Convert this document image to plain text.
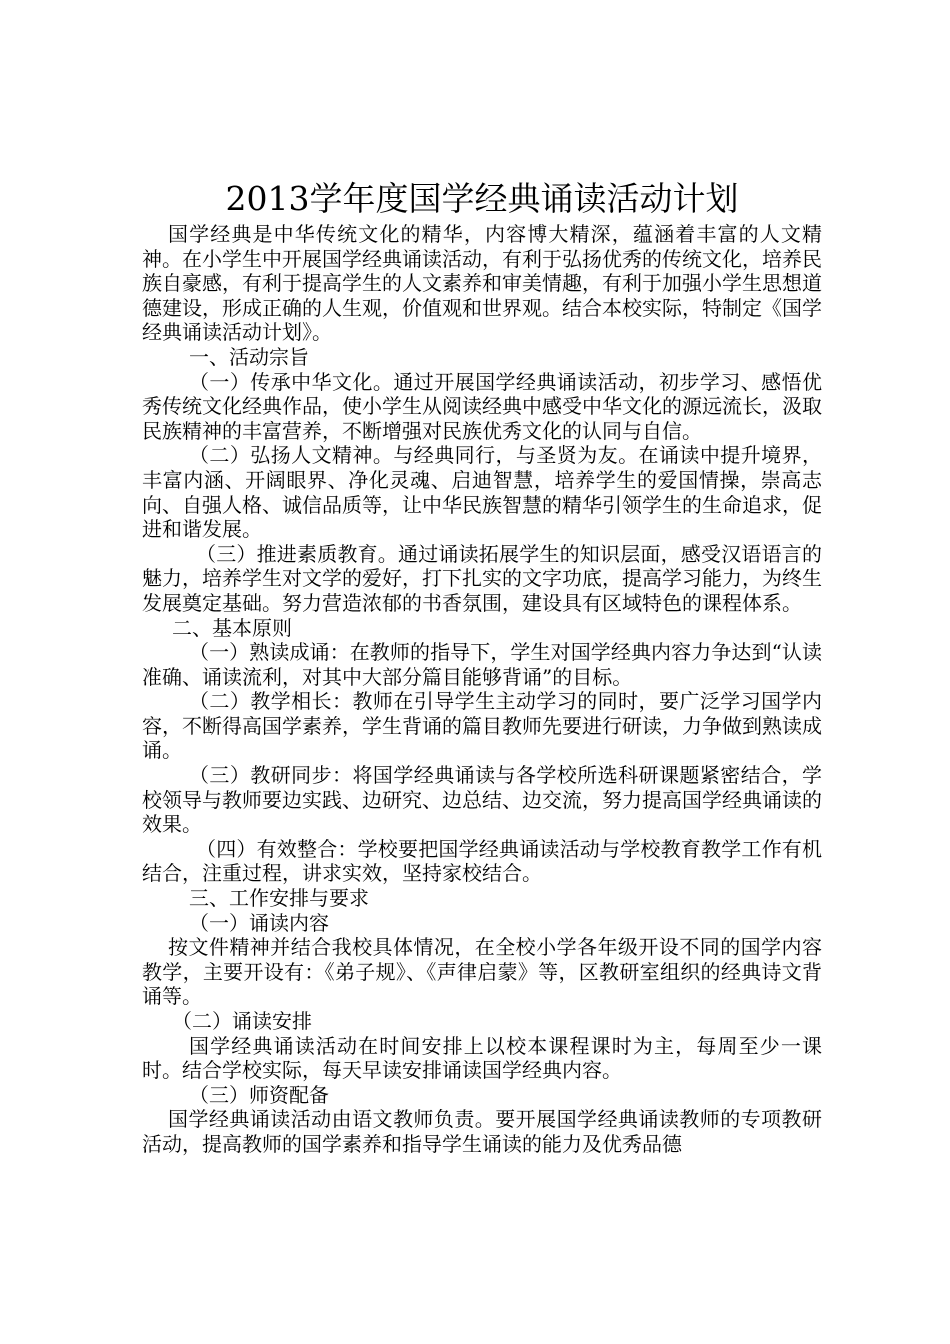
2013学年度国学经典诵读活动计划

国学经典是中华传统文化的精华，内容博大精深，蕴涵着丰富的人文精神。在小学生中开展国学经典诵读活动，有利于弘扬优秀的传统文化，培养民族自豪感，有利于提高学生的人文素养和审美情趣，有利于加强小学生思想道德建设，形成正确的人生观，价值观和世界观。结合本校实际，特制定《国学经典诵读活动计划》。

一、活动宗旨

（一）传承中华文化。通过开展国学经典诵读活动，初步学习、感悟优秀传统文化经典作品，使小学生从阅读经典中感受中华文化的源远流长，汲取民族精神的丰富营养，不断增强对民族优秀文化的认同与自信。

（二）弘扬人文精神。与经典同行，与圣贤为友。在诵读中提升境界，丰富内涵、开阔眼界、净化灵魂、启迪智慧，培养学生的爱国情操，崇高志向、自强人格、诚信品质等，让中华民族智慧的精华引领学生的生命追求，促进和谐发展。

（三）推进素质教育。通过诵读拓展学生的知识层面，感受汉语语言的魅力，培养学生对文学的爱好，打下扎实的文字功底，提高学习能力，为终生发展奠定基础。努力营造浓郁的书香氛围，建设具有区域特色的课程体系。

二、基本原则

（一）熟读成诵：在教师的指导下，学生对国学经典内容力争达到“认读准确、诵读流利，对其中大部分篇目能够背诵”的目标。

（二）教学相长：教师在引导学生主动学习的同时，要广泛学习国学内容，不断得高国学素养，学生背诵的篇目教师先要进行研读，力争做到熟读成诵。

（三）教研同步：将国学经典诵读与各学校所选科研课题紧密结合，学校领导与教师要边实践、边研究、边总结、边交流，努力提高国学经典诵读的效果。

（四）有效整合：学校要把国学经典诵读活动与学校教育教学工作有机结合，注重过程，讲求实效，坚持家校结合。

三、工作安排与要求

（一）诵读内容

按文件精神并结合我校具体情况，在全校小学各年级开设不同的国学内容教学，主要开设有：《弟子规》、《声律启蒙》等，区教研室组织的经典诗文背诵等。

（二）诵读安排

国学经典诵读活动在时间安排上以校本课程课时为主，每周至少一课时。结合学校实际，每天早读安排诵读国学经典内容。

（三）师资配备

国学经典诵读活动由语文教师负责。要开展国学经典诵读教师的专项教研活动，提高教师的国学素养和指导学生诵读的能力及优秀品德
